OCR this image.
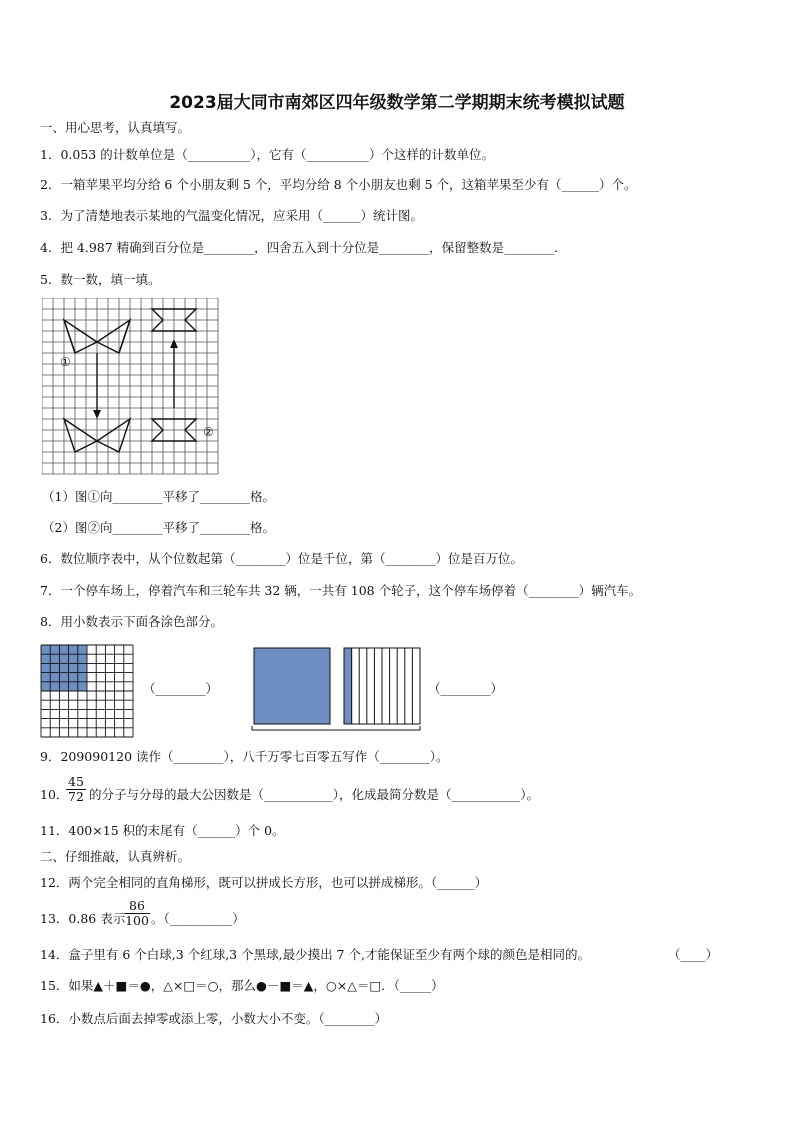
2023届大同市南郊区四年级数学第二学期期末统考模拟试题
一、用心思考，认真填写。
1．0.053 的计数单位是（__________），它有（__________）个这样的计数单位。
2．一箱苹果平均分给 6 个小朋友剩 5 个，平均分给 8 个小朋友也剩 5 个，这箱苹果至少有（______）个。
3．为了清楚地表示某地的气温变化情况，应采用（______）统计图。
4．把 4.987 精确到百分位是________，四舍五入到十分位是________，保留整数是________．
5．数一数，填一填。
①
②
（1）图①向________平移了________格。
（2）图②向________平移了________格。
6．数位顺序表中，从个位数起第（________）位是千位，第（________）位是百万位。
7．一个停车场上，停着汽车和三轮车共 32 辆，一共有 108 个轮子，这个停车场停着（________）辆汽车。
8．用小数表示下面各涂色部分。
（________）	（________）
9．209090120 读作（________），八千万零七百零五写作（________）。
10．
$\frac{45}{72}$ 的分子与分母的最大公因数是（___________），化成最简分数是（___________）。
11．400×15 积的末尾有（______）个 0。
二、仔细推敲，认真辨析。
12．两个完全相同的直角梯形，既可以拼成长方形，也可以拼成梯形。（______）
13．0.86 表示
$\frac{86}{100}$ 。（__________）
14．盒子里有 6 个白球,3 个红球,3 个黑球,最少摸出 7 个,才能保证至少有两个球的颜色是相同的。	（____）
15．如果▲＋■＝●，△×□＝○，那么●－■＝▲，○×△＝□．（_____）
16．小数点后面去掉零或添上零，小数大小不变。（________）
